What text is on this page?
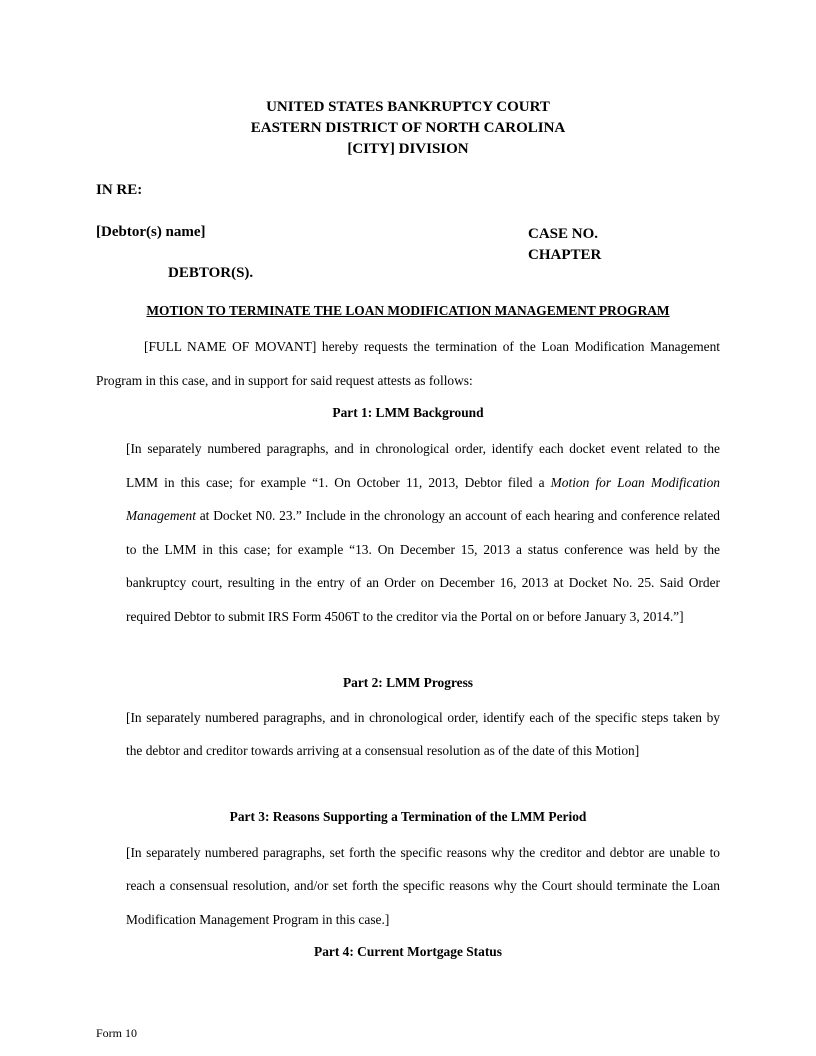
UNITED STATES BANKRUPTCY COURT
EASTERN DISTRICT OF NORTH CAROLINA
[CITY] DIVISION
IN RE:
[Debtor(s) name]	CASE NO.
CHAPTER
DEBTOR(S).
MOTION TO TERMINATE THE LOAN MODIFICATION MANAGEMENT PROGRAM
[FULL NAME OF MOVANT] hereby requests the termination of the Loan Modification Management Program in this case, and in support for said request attests as follows:
Part 1: LMM Background
[In separately numbered paragraphs, and in chronological order, identify each docket event related to the LMM in this case; for example “1. On October 11, 2013, Debtor filed a Motion for Loan Modification Management at Docket N0. 23.” Include in the chronology an account of each hearing and conference related to the LMM in this case; for example “13. On December 15, 2013 a status conference was held by the bankruptcy court, resulting in the entry of an Order on December 16, 2013 at Docket No. 25. Said Order required Debtor to submit IRS Form 4506T to the creditor via the Portal on or before January 3, 2014.”]
Part 2: LMM Progress
[In separately numbered paragraphs, and in chronological order, identify each of the specific steps taken by the debtor and creditor towards arriving at a consensual resolution as of the date of this Motion]
Part 3: Reasons Supporting a Termination of the LMM Period
[In separately numbered paragraphs, set forth the specific reasons why the creditor and debtor are unable to reach a consensual resolution, and/or set forth the specific reasons why the Court should terminate the Loan Modification Management Program in this case.]
Part 4: Current Mortgage Status
Form 10
